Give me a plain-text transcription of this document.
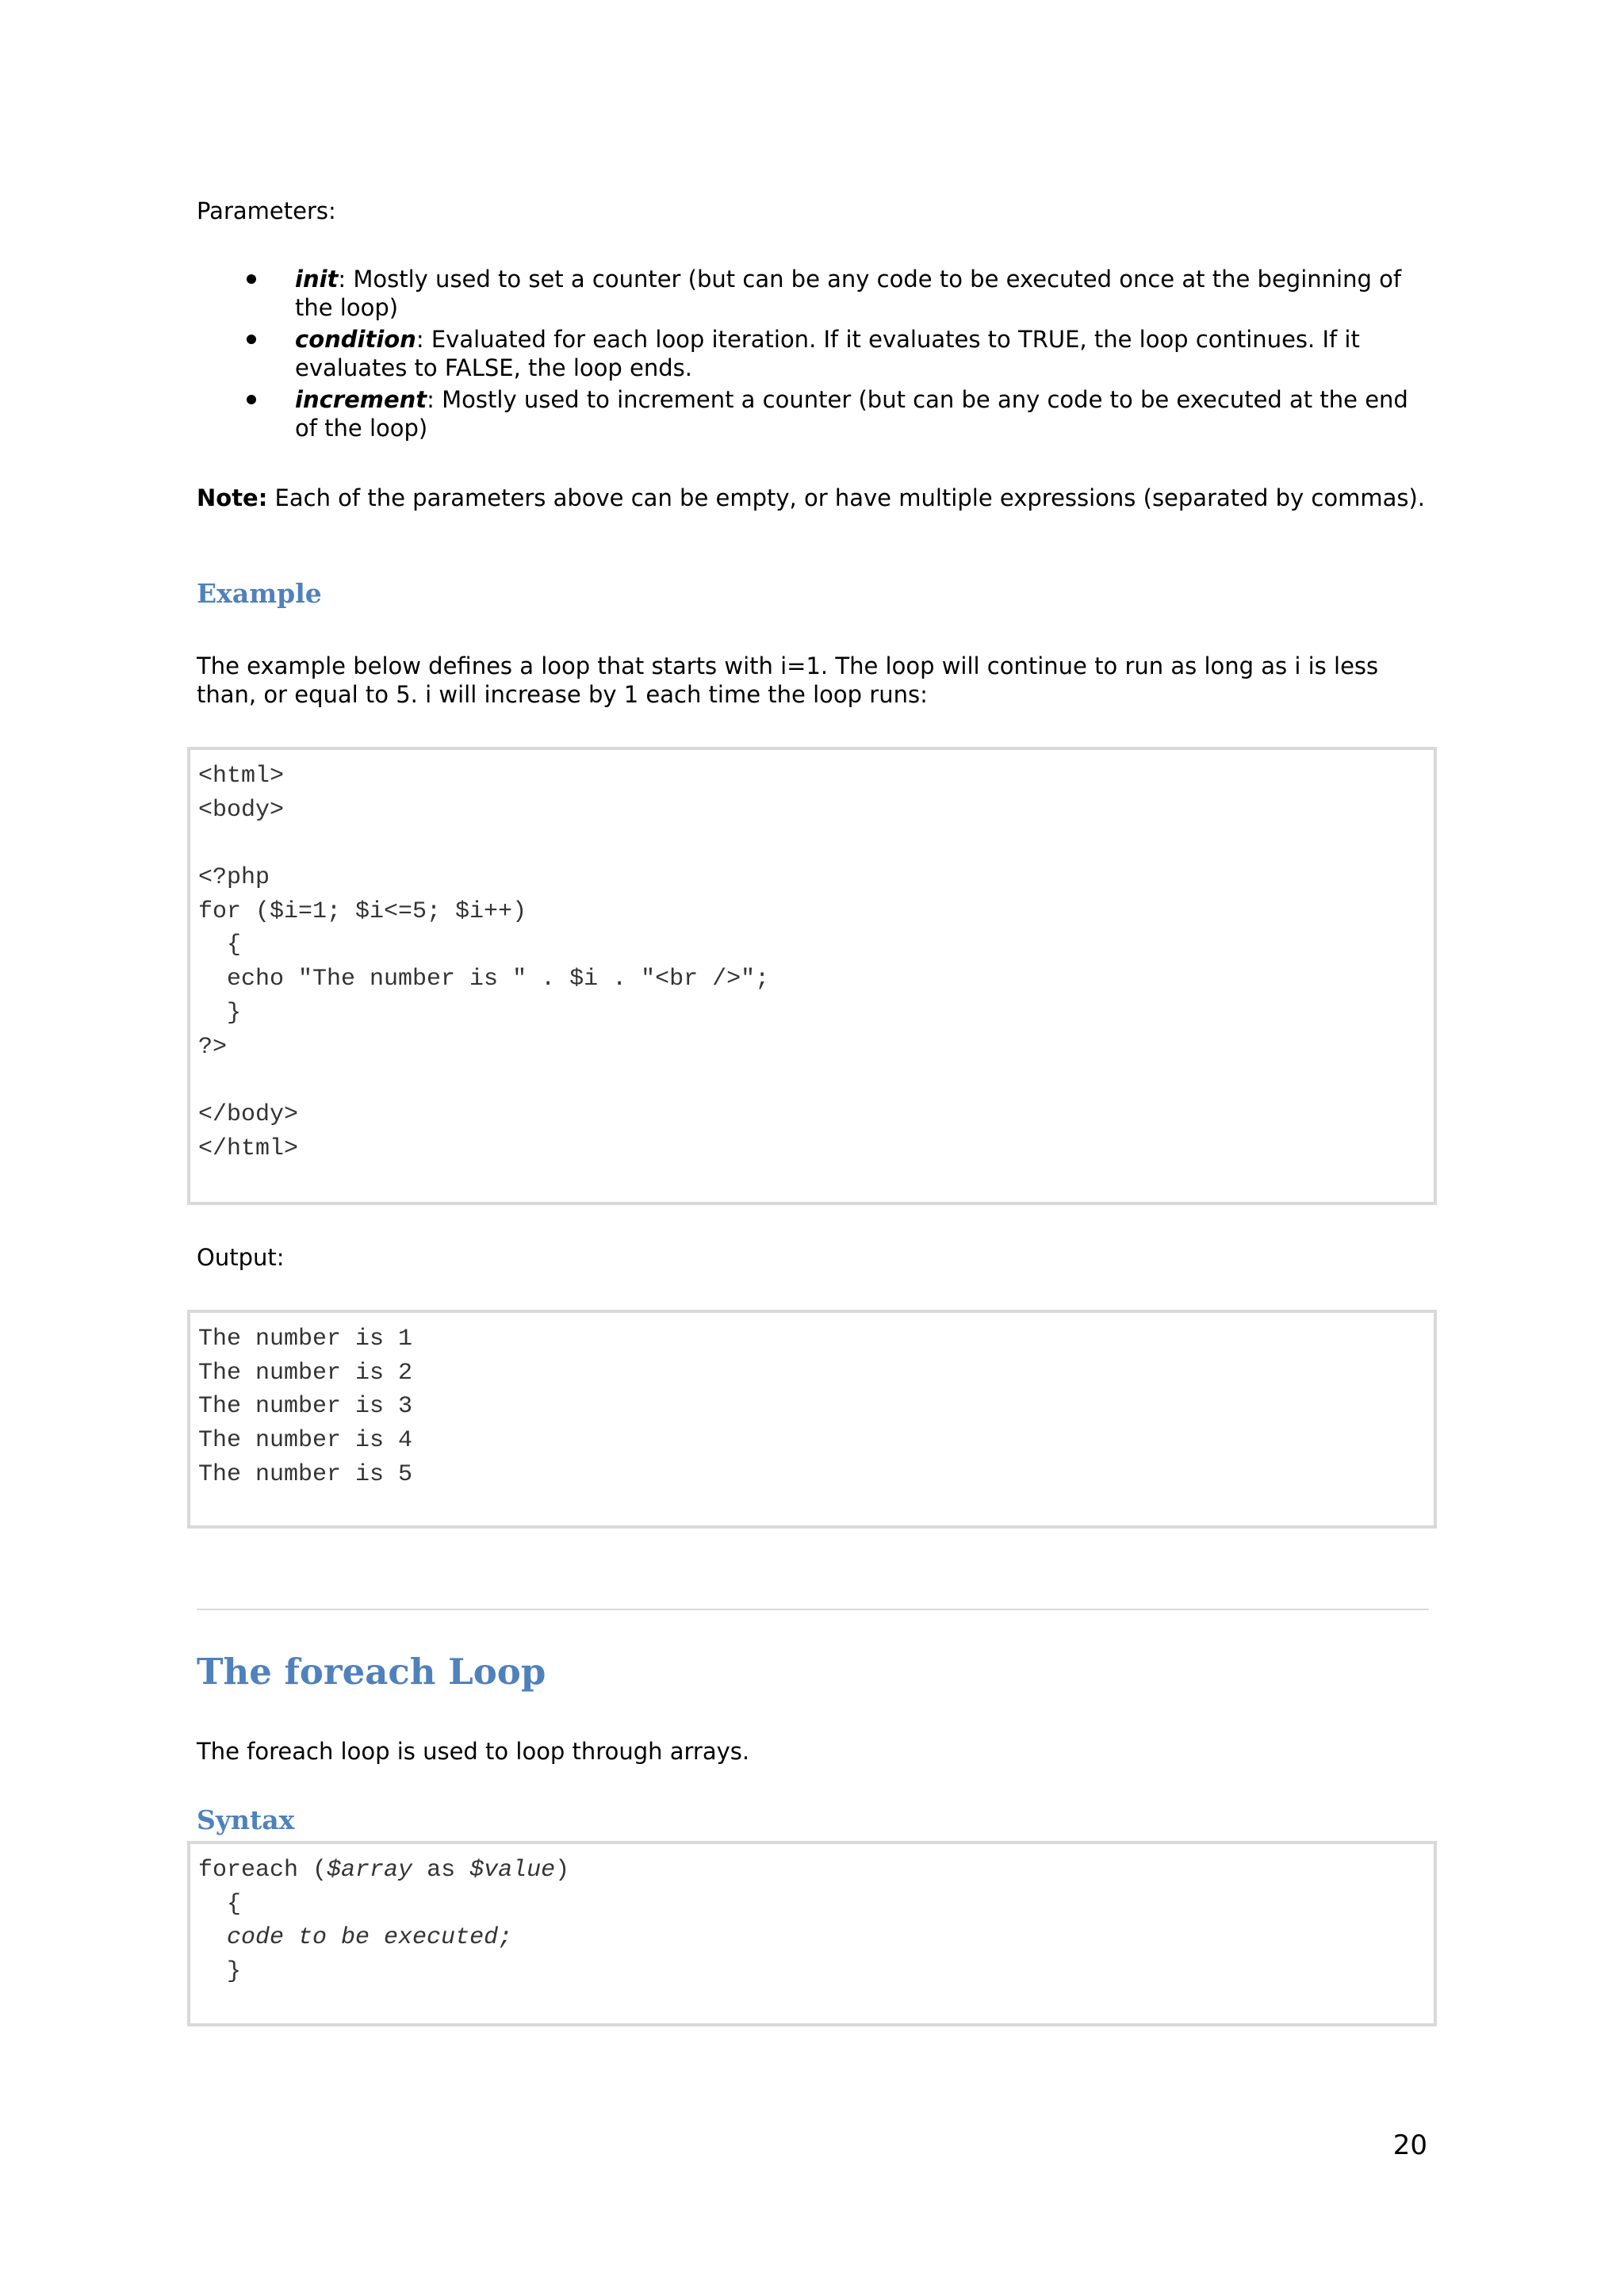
Parameters:
init: Mostly used to set a counter (but can be any code to be executed once at the beginning of the loop)
condition: Evaluated for each loop iteration. If it evaluates to TRUE, the loop continues. If it evaluates to FALSE, the loop ends.
increment: Mostly used to increment a counter (but can be any code to be executed at the end of the loop)
Note: Each of the parameters above can be empty, or have multiple expressions (separated by commas).
Example
The example below defines a loop that starts with i=1. The loop will continue to run as long as i is less than, or equal to 5. i will increase by 1 each time the loop runs:
<html>
<body>
<?php
for ($i=1; $i<=5; $i++)
{
echo "The number is " . $i . "<br />";
}
?>
</body>
</html>
Output:
The number is 1
The number is 2
The number is 3
The number is 4
The number is 5
The foreach Loop
The foreach loop is used to loop through arrays.
Syntax
foreach ($array as $value)
{
code to be executed;
}
20
